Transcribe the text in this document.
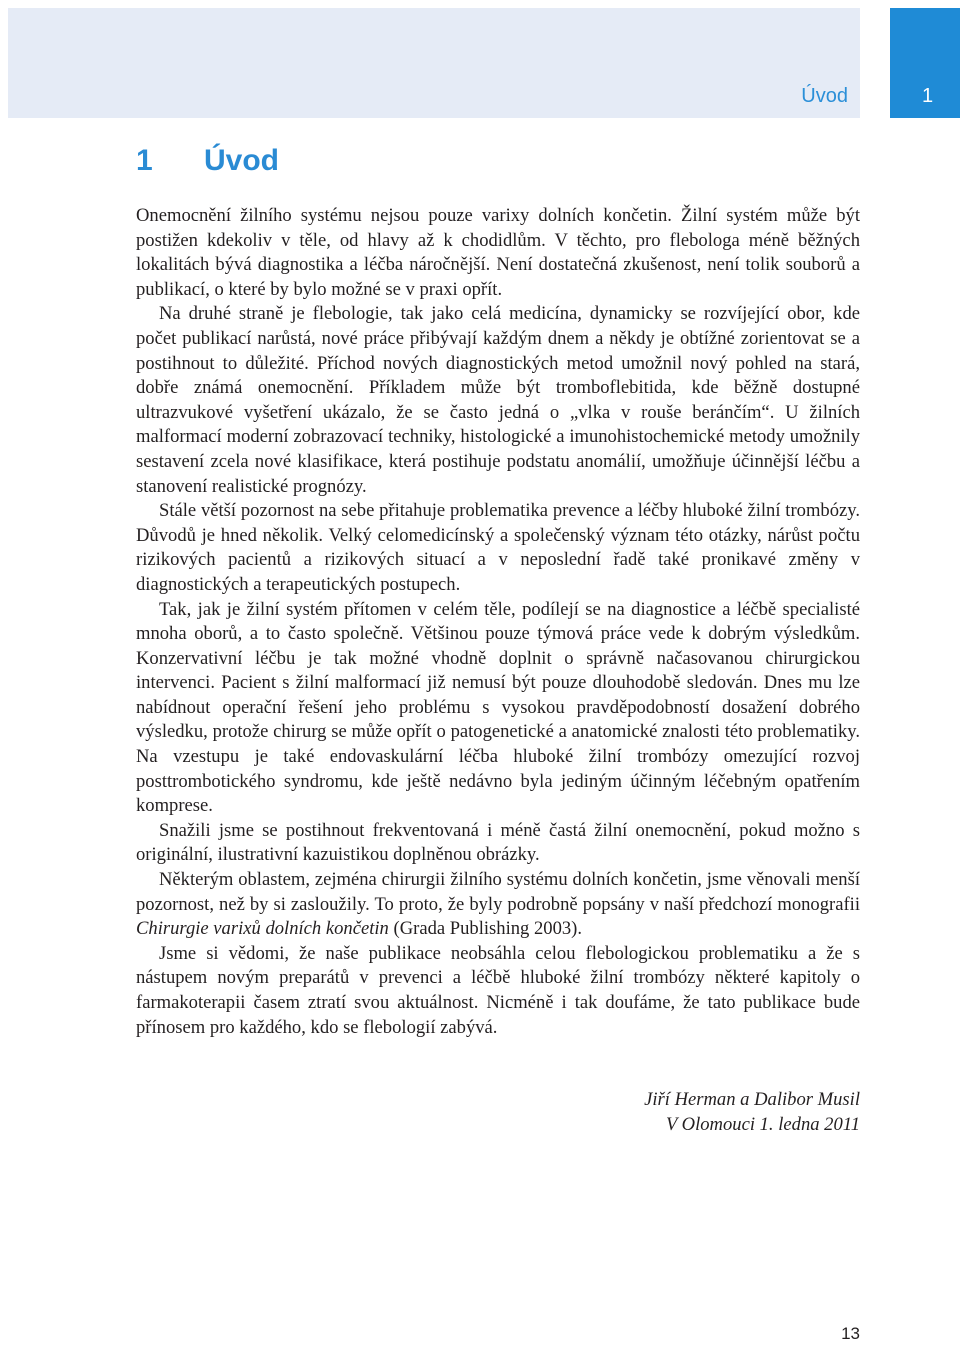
Úvod	1
1 Úvod

Onemocnění žilního systému nejsou pouze varixy dolních končetin. Žilní systém může být postižen kdekoliv v těle, od hlavy až k chodidlům. V těchto, pro flebologa méně běžných lokalitách bývá diagnostika a léčba náročnější. Není dostatečná zkušenost, není tolik souborů a publikací, o které by bylo možné se v praxi opřít.

Na druhé straně je flebologie, tak jako celá medicína, dynamicky se rozvíjející obor, kde počet publikací narůstá, nové práce přibývají každým dnem a někdy je obtížné zorientovat se a postihnout to důležité. Příchod nových diagnostických metod umožnil nový pohled na stará, dobře známá onemocnění. Příkladem může být tromboflebitida, kde běžně dostupné ultrazvukové vyšetření ukázalo, že se často jedná o „vlka v rouše beránčím“. U žilních malformací moderní zobrazovací techniky, histologické a imunohistochemické metody umožnily sestavení zcela nové klasifikace, která postihuje podstatu anomálií, umožňuje účinnější léčbu a stanovení realistické prognózy.

Stále větší pozornost na sebe přitahuje problematika prevence a léčby hluboké žilní trombózy. Důvodů je hned několik. Velký celomedicínský a společenský význam této otázky, nárůst počtu rizikových pacientů a rizikových situací a v neposlední řadě také pronikavé změny v diagnostických a terapeutických postupech.

Tak, jak je žilní systém přítomen v celém těle, podílejí se na diagnostice a léčbě specialisté mnoha oborů, a to často společně. Většinou pouze týmová práce vede k dobrým výsledkům. Konzervativní léčbu je tak možné vhodně doplnit o správně načasovanou chirurgickou intervenci. Pacient s žilní malformací již nemusí být pouze dlouhodobě sledován. Dnes mu lze nabídnout operační řešení jeho problému s vysokou pravděpodobností dosažení dobrého výsledku, protože chirurg se může opřít o patogenetické a anatomické znalosti této problematiky. Na vzestupu je také endovaskulární léčba hluboké žilní trombózy omezující rozvoj posttrombotického syndromu, kde ještě nedávno byla jediným účinným léčebným opatřením komprese.

Snažili jsme se postihnout frekventovaná i méně častá žilní onemocnění, pokud možno s originální, ilustrativní kazuistikou doplněnou obrázky.

Některým oblastem, zejména chirurgii žilního systému dolních končetin, jsme věnovali menší pozornost, než by si zasloužily. To proto, že byly podrobně popsány v naší předchozí monografii Chirurgie varixů dolních končetin (Grada Publishing 2003).

Jsme si vědomi, že naše publikace neobsáhla celou flebologickou problematiku a že s nástupem novým preparátů v prevenci a léčbě hluboké žilní trombózy některé kapitoly o farmakoterapii časem ztratí svou aktuálnost. Nicméně i tak doufáme, že tato publikace bude přínosem pro každého, kdo se flebologií zabývá.

Jiří Herman a Dalibor Musil
V Olomouci 1. ledna 2011
13
